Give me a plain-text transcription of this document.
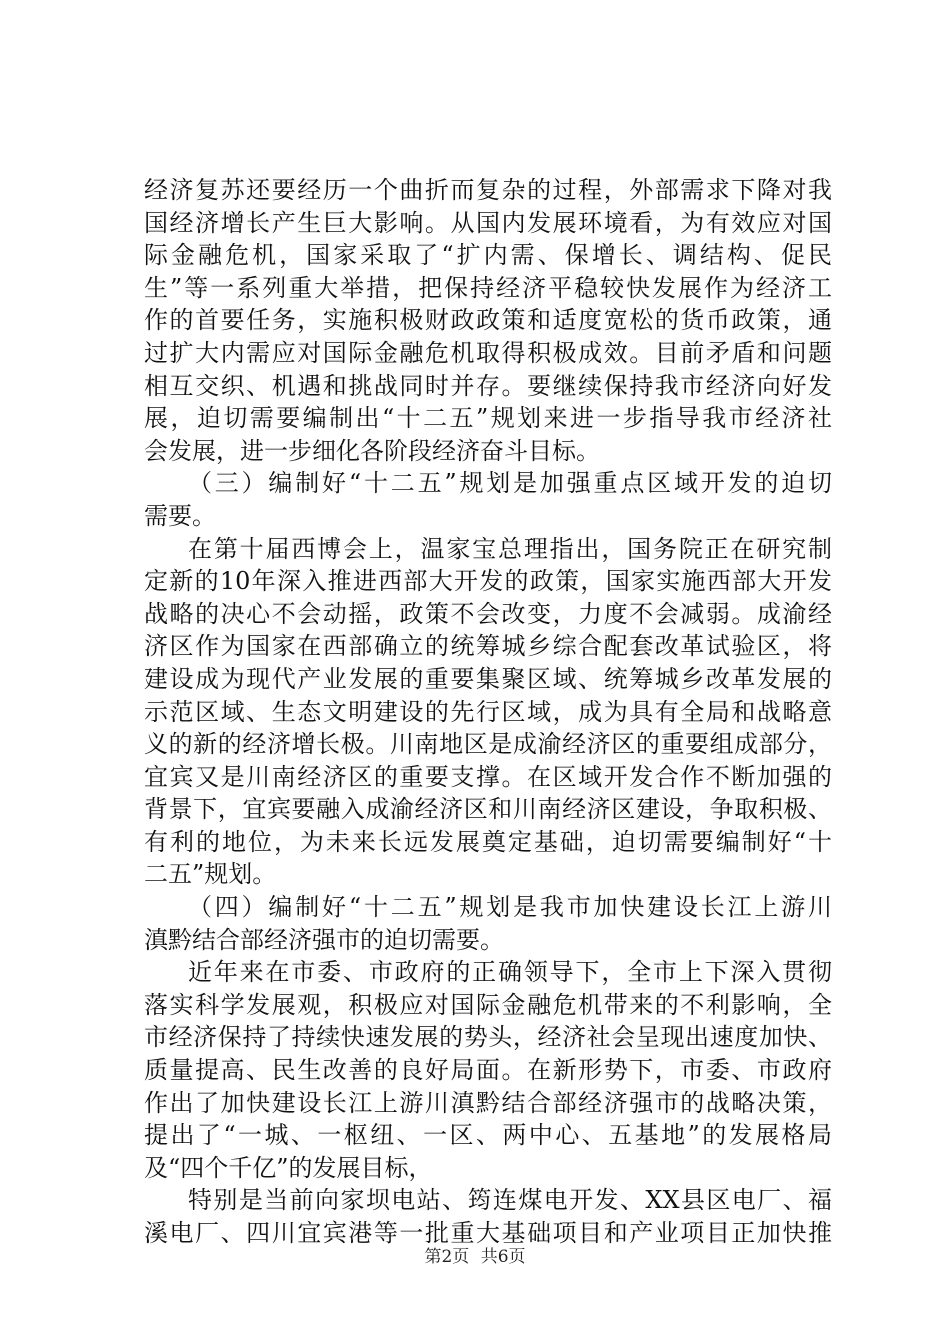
经济复苏还要经历一个曲折而复杂的过程，外部需求下降对我
国经济增长产生巨大影响。从国内发展环境看，为有效应对国
际金融危机，国家采取了“扩内需、保增长、调结构、促民
生”等一系列重大举措，把保持经济平稳较快发展作为经济工
作的首要任务，实施积极财政政策和适度宽松的货币政策，通
过扩大内需应对国际金融危机取得积极成效。目前矛盾和问题
相互交织、机遇和挑战同时并存。要继续保持我市经济向好发
展，迫切需要编制出“十二五”规划来进一步指导我市经济社
会发展，进一步细化各阶段经济奋斗目标。
（三）编制好“十二五”规划是加强重点区域开发的迫切
需要。
在第十届西博会上，温家宝总理指出，国务院正在研究制
定新的10年深入推进西部大开发的政策，国家实施西部大开发
战略的决心不会动摇，政策不会改变，力度不会减弱。成渝经
济区作为国家在西部确立的统筹城乡综合配套改革试验区，将
建设成为现代产业发展的重要集聚区域、统筹城乡改革发展的
示范区域、生态文明建设的先行区域，成为具有全局和战略意
义的新的经济增长极。川南地区是成渝经济区的重要组成部分，
宜宾又是川南经济区的重要支撑。在区域开发合作不断加强的
背景下，宜宾要融入成渝经济区和川南经济区建设，争取积极、
有利的地位，为未来长远发展奠定基础，迫切需要编制好“十
二五”规划。
（四）编制好“十二五”规划是我市加快建设长江上游川
滇黔结合部经济强市的迫切需要。
近年来在市委、市政府的正确领导下，全市上下深入贯彻
落实科学发展观，积极应对国际金融危机带来的不利影响，全
市经济保持了持续快速发展的势头，经济社会呈现出速度加快、
质量提高、民生改善的良好局面。在新形势下，市委、市政府
作出了加快建设长江上游川滇黔结合部经济强市的战略决策，
提出了“一城、一枢纽、一区、两中心、五基地”的发展格局
及“四个千亿”的发展目标，
特别是当前向家坝电站、筠连煤电开发、XX县区电厂、福
溪电厂、四川宜宾港等一批重大基础项目和产业项目正加快推
第2页 共6页
